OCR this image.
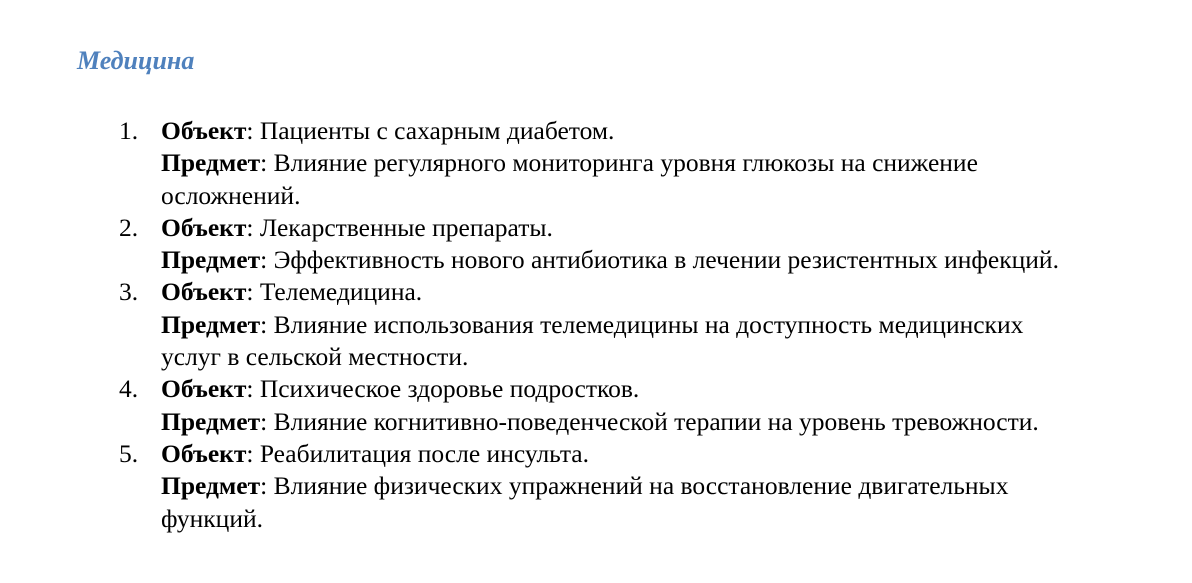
Медицина
1. Объект: Пациенты с сахарным диабетом.
Предмет: Влияние регулярного мониторинга уровня глюкозы на снижение
осложнений.
2. Объект: Лекарственные препараты.
Предмет: Эффективность нового антибиотика в лечении резистентных инфекций.
3. Объект: Телемедицина.
Предмет: Влияние использования телемедицины на доступность медицинских
услуг в сельской местности.
4. Объект: Психическое здоровье подростков.
Предмет: Влияние когнитивно-поведенческой терапии на уровень тревожности.
5. Объект: Реабилитация после инсульта.
Предмет: Влияние физических упражнений на восстановление двигательных
функций.
